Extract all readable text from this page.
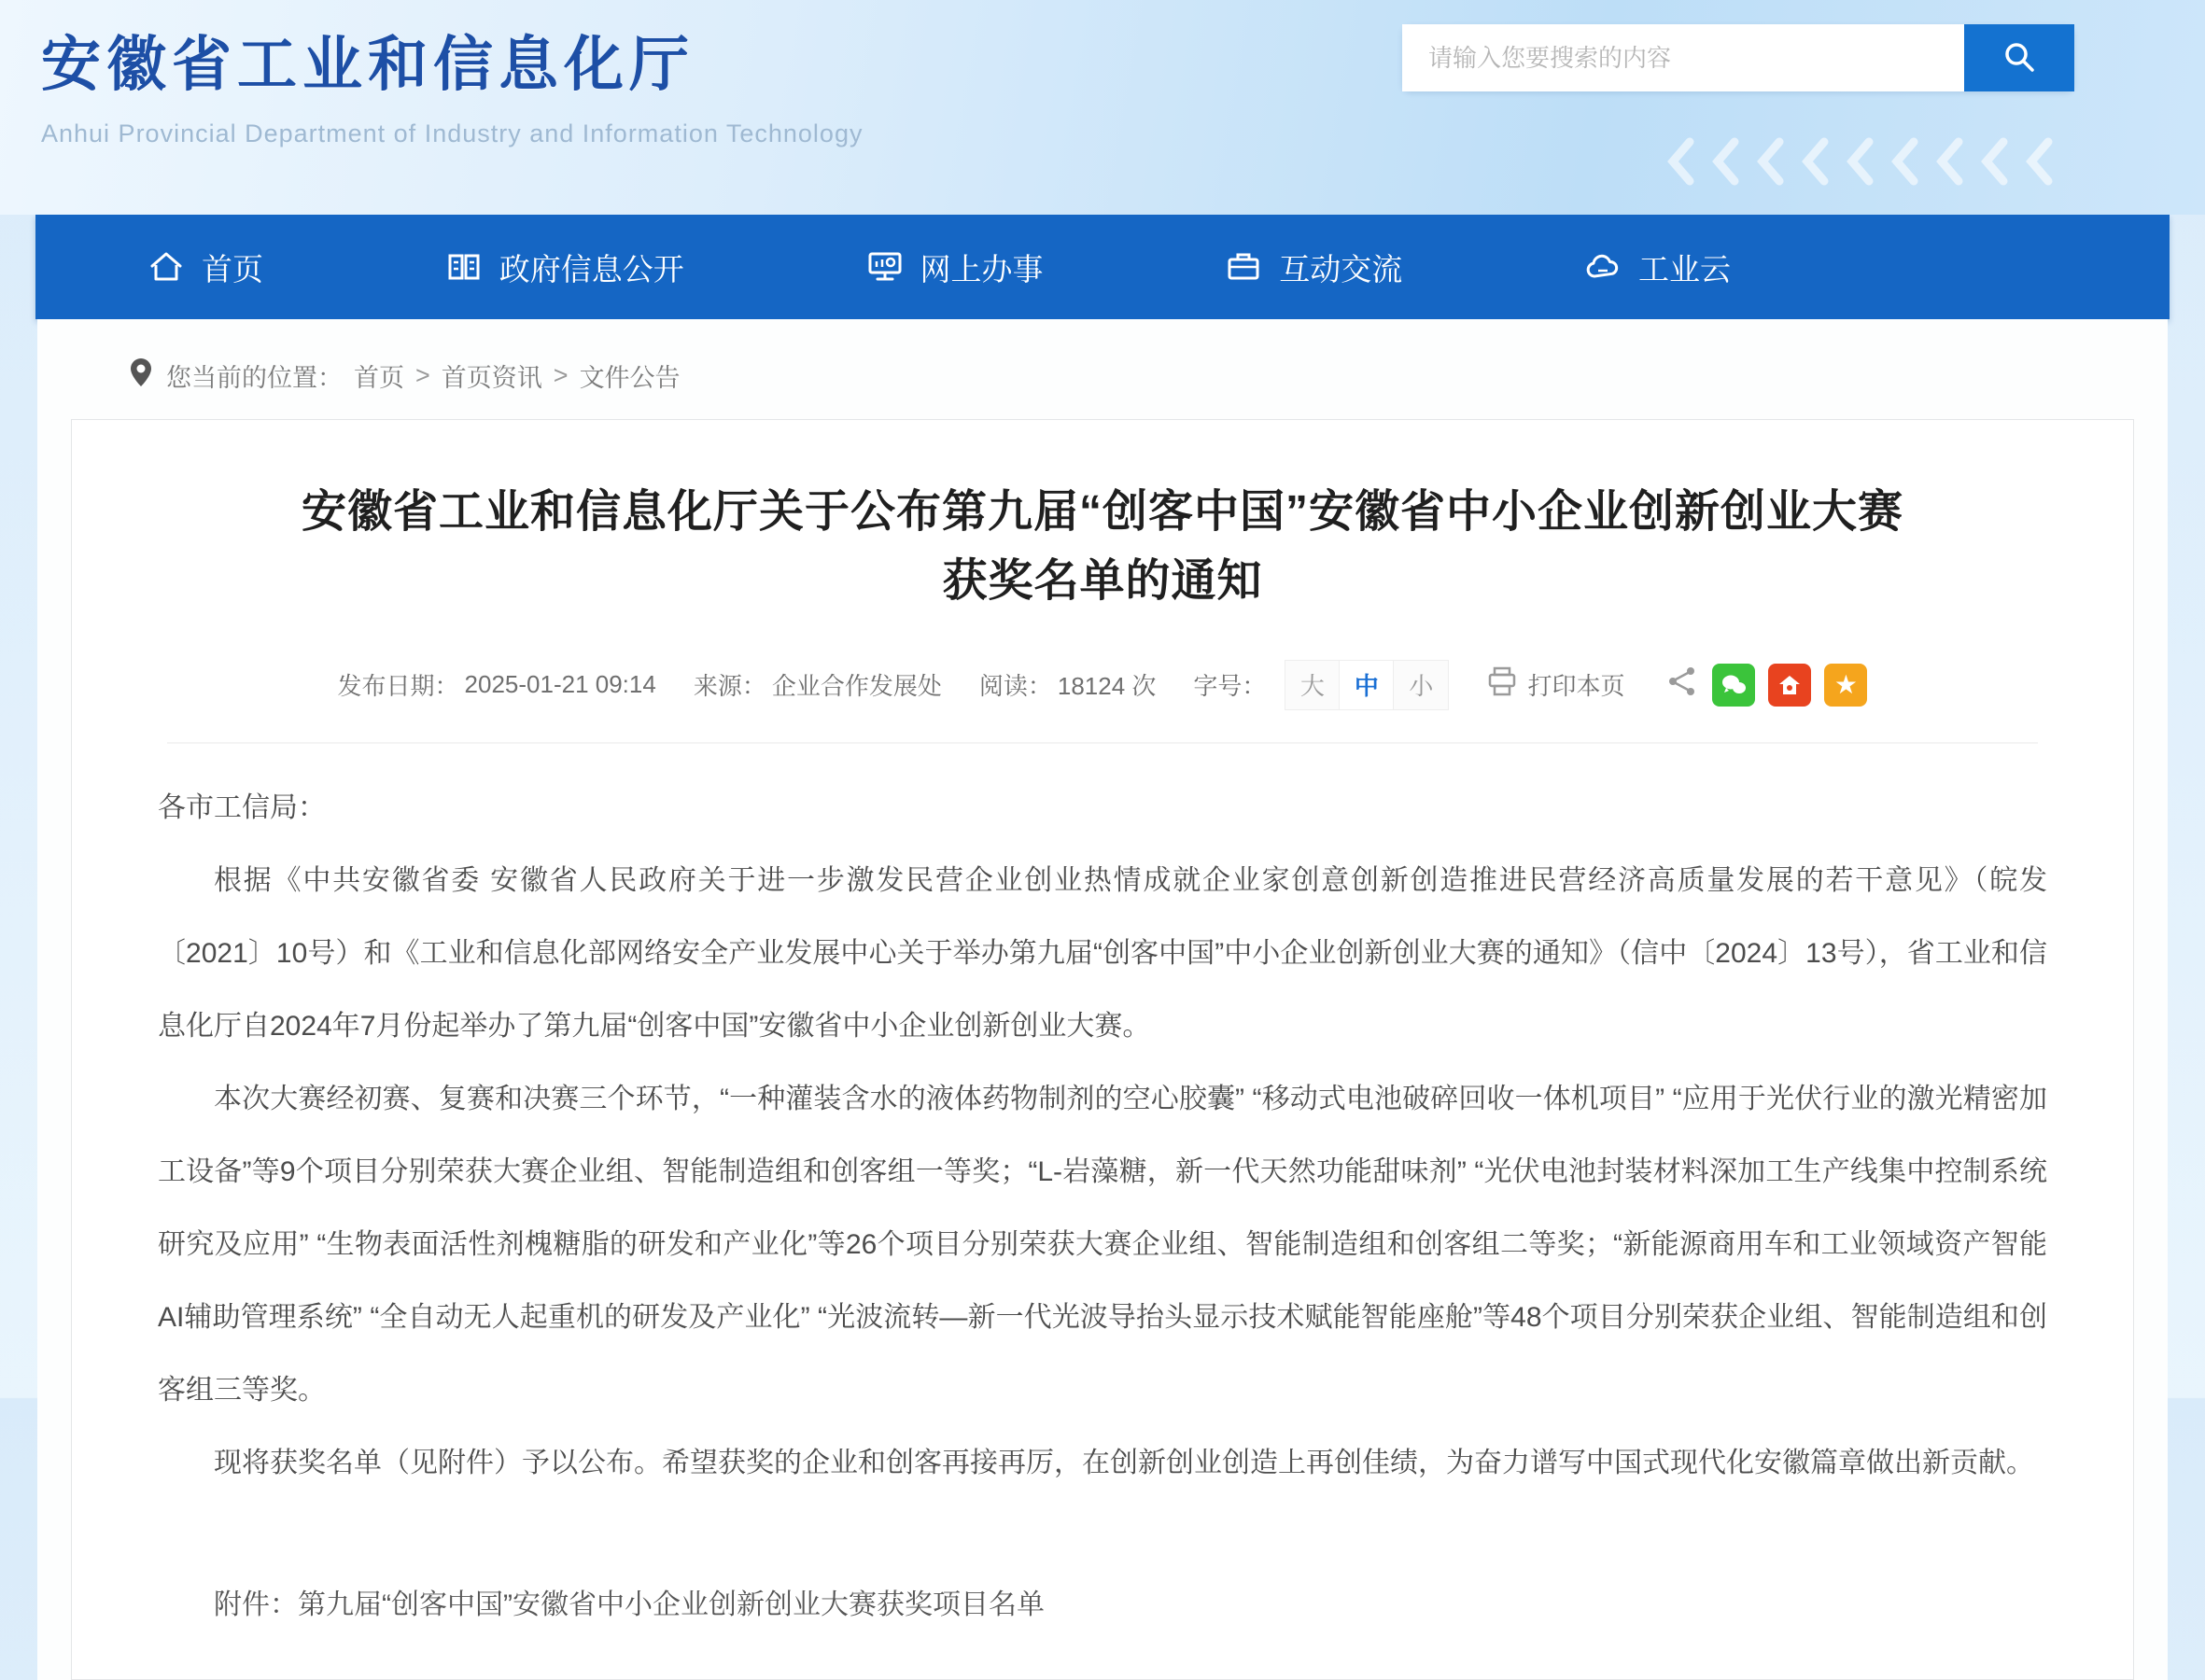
安徽省工业和信息化厅
Anhui Provincial Department of Industry and Information Technology
请输入您要搜索的内容
首页	政府信息公开	网上办事	互动交流	工业云
您当前的位置： 首页 > 首页资讯 > 文件公告
安徽省工业和信息化厅关于公布第九届“创客中国”安徽省中小企业创新创业大赛
获奖名单的通知
发布日期： 2025-01-21 09:14 来源： 企业合作发展处 阅读： 18124 次 字号：	大	中	小	打印本页	★

各市工信局：

根据《中共安徽省委 安徽省人民政府关于进一步激发民营企业创业热情成就企业家创意创新创造推进民营经济高质量发展的若干意见》（皖发〔2021〕10号）和《工业和信息化部网络安全产业发展中心关于举办第九届“创客中国”中小企业创新创业大赛的通知》（信中〔2024〕13号），省工业和信息化厅自2024年7月份起举办了第九届“创客中国”安徽省中小企业创新创业大赛。

本次大赛经初赛、复赛和决赛三个环节，“一种灌装含水的液体药物制剂的空心胶囊” “移动式电池破碎回收一体机项目” “应用于光伏行业的激光精密加工设备”等9个项目分别荣获大赛企业组、智能制造组和创客组一等奖；“L-岩藻糖，新一代天然功能甜味剂” “光伏电池封装材料深加工生产线集中控制系统研究及应用” “生物表面活性剂槐糖脂的研发和产业化”等26个项目分别荣获大赛企业组、智能制造组和创客组二等奖；“新能源商用车和工业领域资产智能AI辅助管理系统” “全自动无人起重机的研发及产业化” “光波流转—新一代光波导抬头显示技术赋能智能座舱”等48个项目分别荣获企业组、智能制造组和创客组三等奖。

现将获奖名单（见附件）予以公布。希望获奖的企业和创客再接再厉，在创新创业创造上再创佳绩，为奋力谱写中国式现代化安徽篇章做出新贡献。

附件：第九届“创客中国”安徽省中小企业创新创业大赛获奖项目名单
